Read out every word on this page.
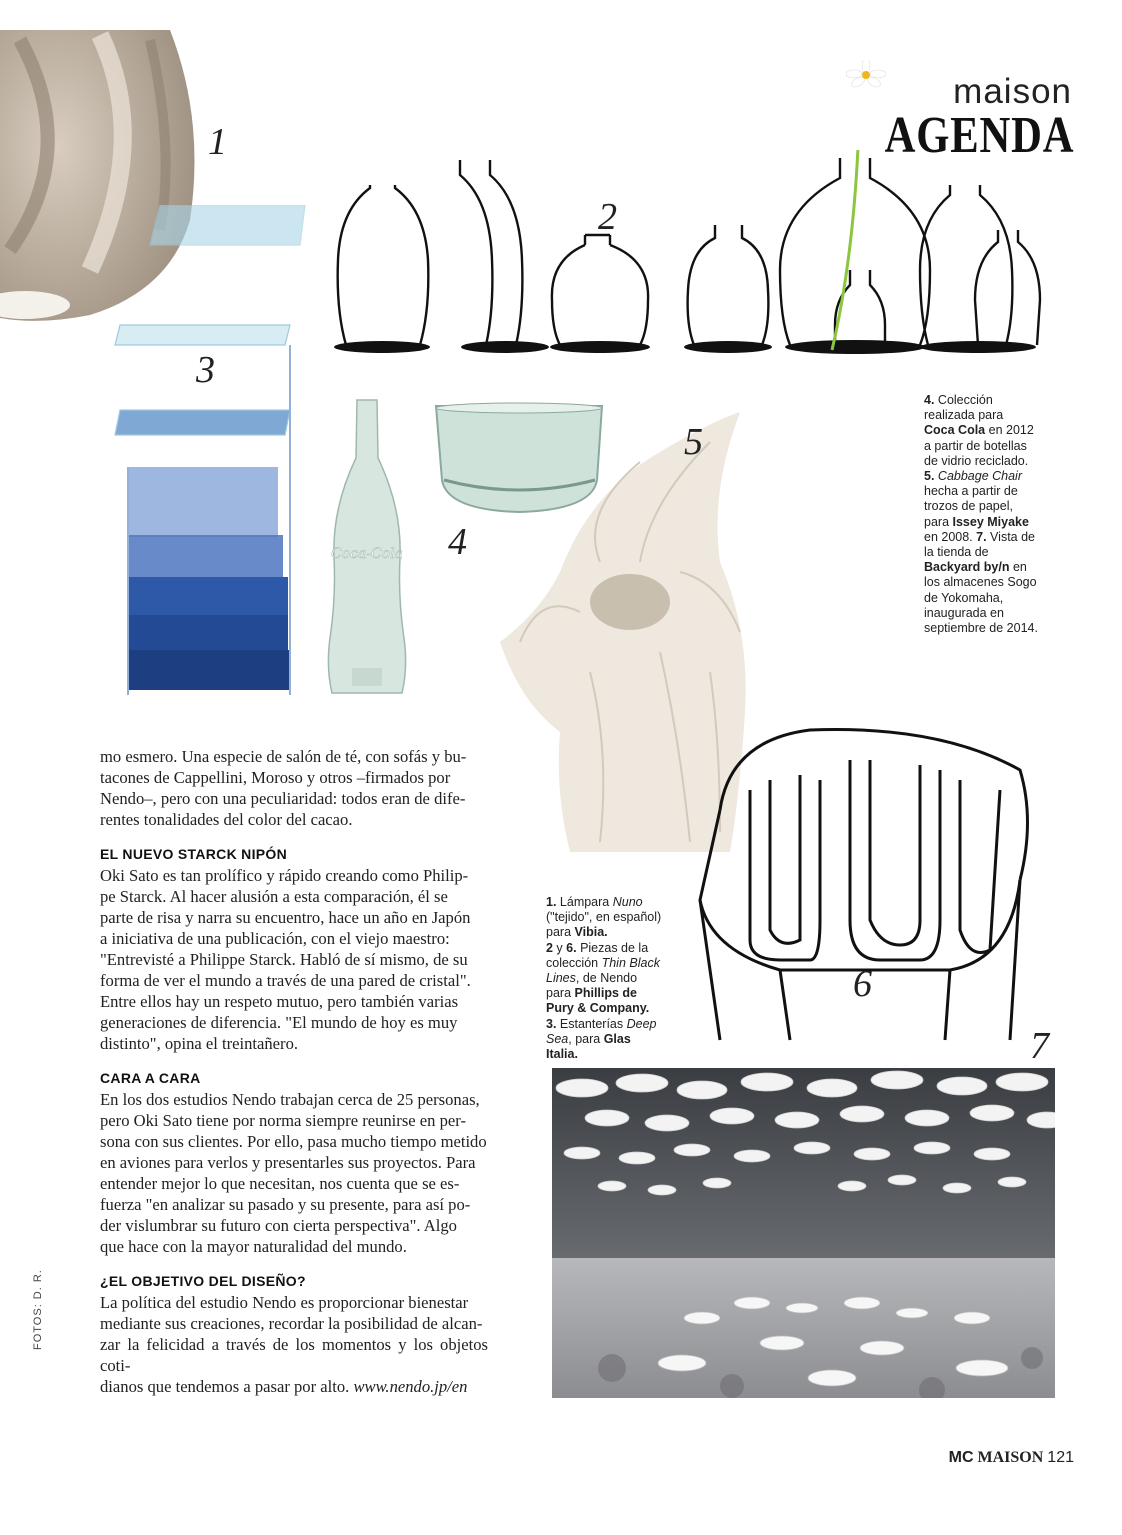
Coca-Cola
maison
AGENDA
1
2
3
4
5
6
7
4. Colección
realizada para
Coca Cola en 2012
a partir de botellas
de vidrio reciclado.
5. Cabbage Chair
hecha a partir de
trozos de papel,
para Issey Miyake
en 2008. 7. Vista de
la tienda de
Backyard by/n en
los almacenes Sogo
de Yokomaha,
inaugurada en
septiembre de 2014.
1. Lámpara Nuno
("tejido", en español)
para Vibia.
2 y 6. Piezas de la
colección Thin Black
Lines, de Nendo
para Phillips de
Pury & Company.
3. Estanterías Deep
Sea, para Glas
Italia.
mo esmero. Una especie de salón de té, con sofás y bu-
tacones de Cappellini, Moroso y otros –firmados por
Nendo–, pero con una peculiaridad: todos eran de dife-
rentes tonalidades del color del cacao.
EL NUEVO STARCK NIPÓN
Oki Sato es tan prolífico y rápido creando como Philip-
pe Starck. Al hacer alusión a esta comparación, él se
parte de risa y narra su encuentro, hace un año en Japón
a iniciativa de una publicación, con el viejo maestro:
"Entrevisté a Philippe Starck. Habló de sí mismo, de su
forma de ver el mundo a través de una pared de cristal".
Entre ellos hay un respeto mutuo, pero también varias
generaciones de diferencia. "El mundo de hoy es muy
distinto", opina el treintañero.
CARA A CARA
En los dos estudios Nendo trabajan cerca de 25 personas,
pero Oki Sato tiene por norma siempre reunirse en per-
sona con sus clientes. Por ello, pasa mucho tiempo metido
en aviones para verlos y presentarles sus proyectos. Para
entender mejor lo que necesitan, nos cuenta que se es-
fuerza "en analizar su pasado y su presente, para así po-
der vislumbrar su futuro con cierta perspectiva". Algo
que hace con la mayor naturalidad del mundo.
¿EL OBJETIVO DEL DISEÑO?
La política del estudio Nendo es proporcionar bienestar
mediante sus creaciones, recordar la posibilidad de alcan-
zar la felicidad a través de los momentos y los objetos coti-
dianos que tendemos a pasar por alto. www.nendo.jp/en
FOTOS: D. R.
MC MAISON 121
